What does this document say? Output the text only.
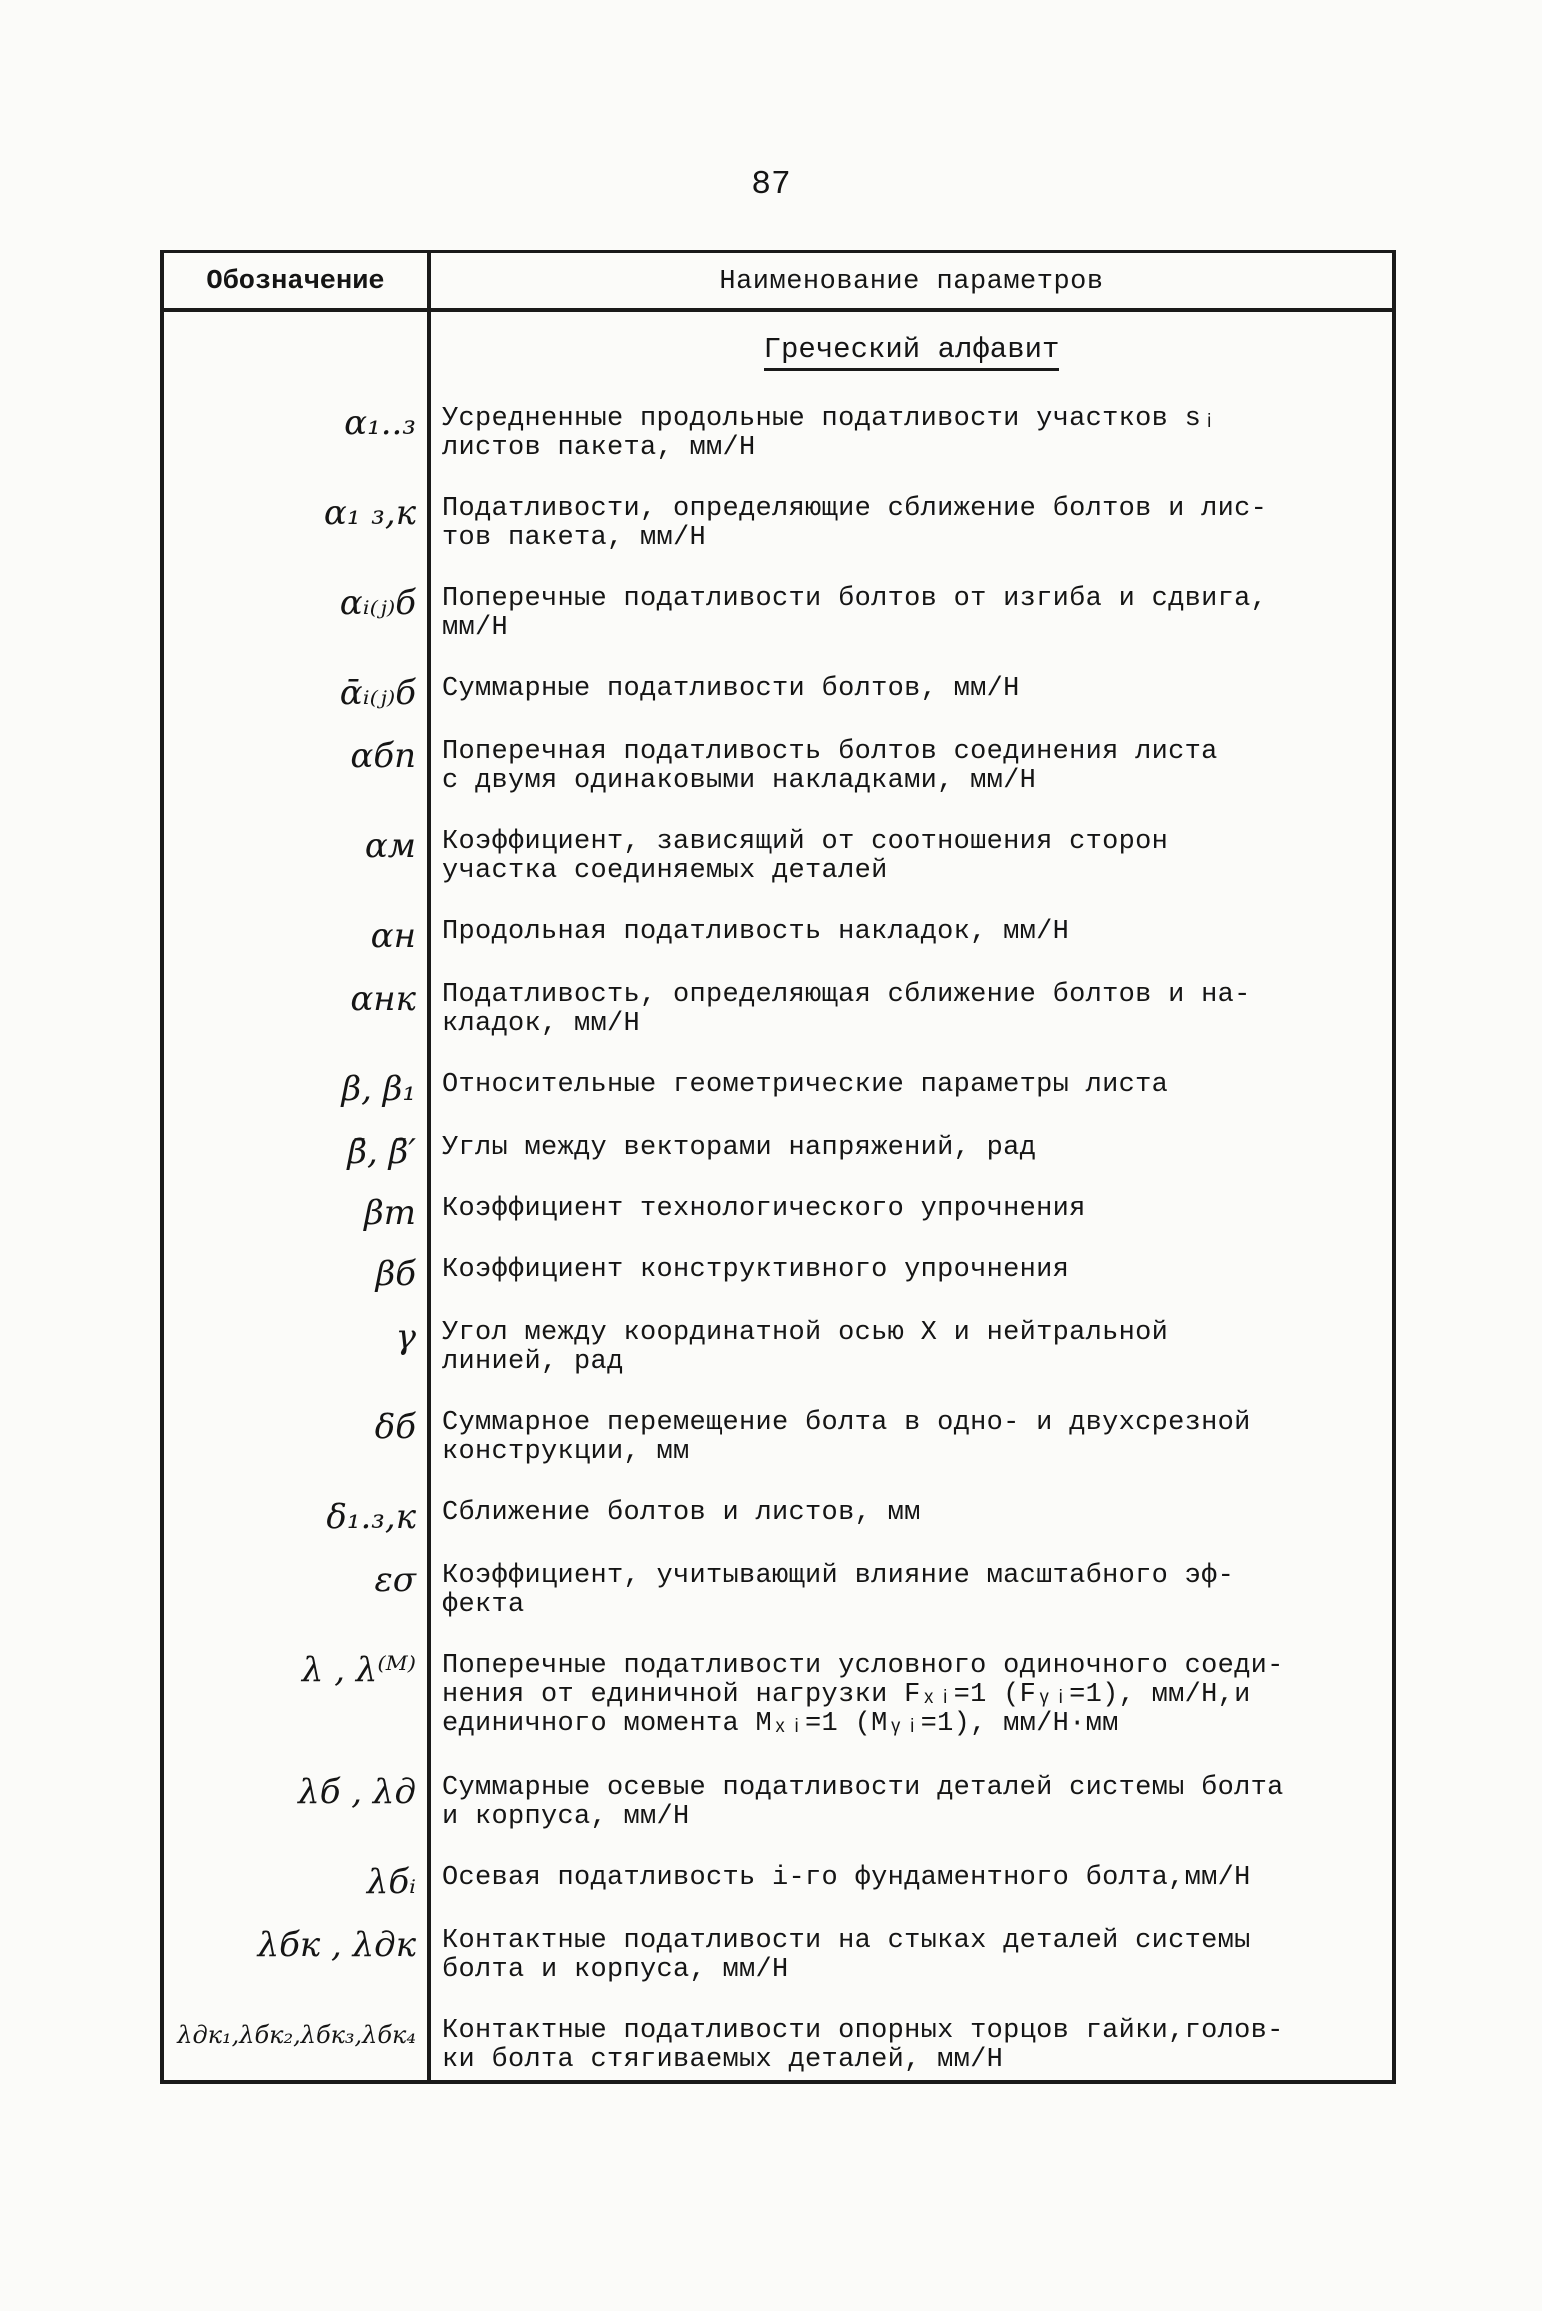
87
Обозначение	Наименование параметров
Греческий алфавит
α₁..₃ Усредненные продольные податливости участков sᵢ
листов пакета, мм/Н
α₁ ₃,к Податливости, определяющие сближение болтов и лис-
тов пакета, мм/Н
αᵢ₍ⱼ₎б Поперечные податливости болтов от изгиба и сдвига,
мм/Н
ᾱᵢ₍ⱼ₎б Суммарные податливости болтов, мм/Н
αбп Поперечная податливость болтов соединения листа
с двумя одинаковыми накладками, мм/Н
αм Коэффициент, зависящий от соотношения сторон
участка соединяемых деталей
αн Продольная податливость накладок, мм/Н
αнк Податливость, определяющая сближение болтов и на-
кладок, мм/Н
β, β₁ Относительные геометрические параметры листа
β̄, β̄′ Углы между векторами напряжений, рад
βт Коэффициент технологического упрочнения
βб Коэффициент конструктивного упрочнения
γ Угол между координатной осью X и нейтральной
линией, рад
δб Суммарное перемещение болта в одно- и двухсрезной
конструкции, мм
δ₁.₃,к Сближение болтов и листов, мм
εσ Коэффициент, учитывающий влияние масштабного эф-
фекта
λ , λ⁽ᴹ⁾ Поперечные податливости условного одиночного соеди-
нения от единичной нагрузки Fₓᵢ=1 (Fᵧᵢ=1), мм/Н,и
единичного момента Mₓᵢ=1 (Mᵧᵢ=1), мм/Н·мм
λб , λд Суммарные осевые податливости деталей системы болта
и корпуса, мм/Н
λбᵢ Осевая податливость i-го фундаментного болта,мм/Н
λбк , λдк Контактные податливости на стыках деталей системы
болта и корпуса, мм/Н
λдк₁,λбк₂,λбк₃,λбк₄ Контактные податливости опорных торцов гайки,голов-
ки болта стягиваемых деталей, мм/Н
